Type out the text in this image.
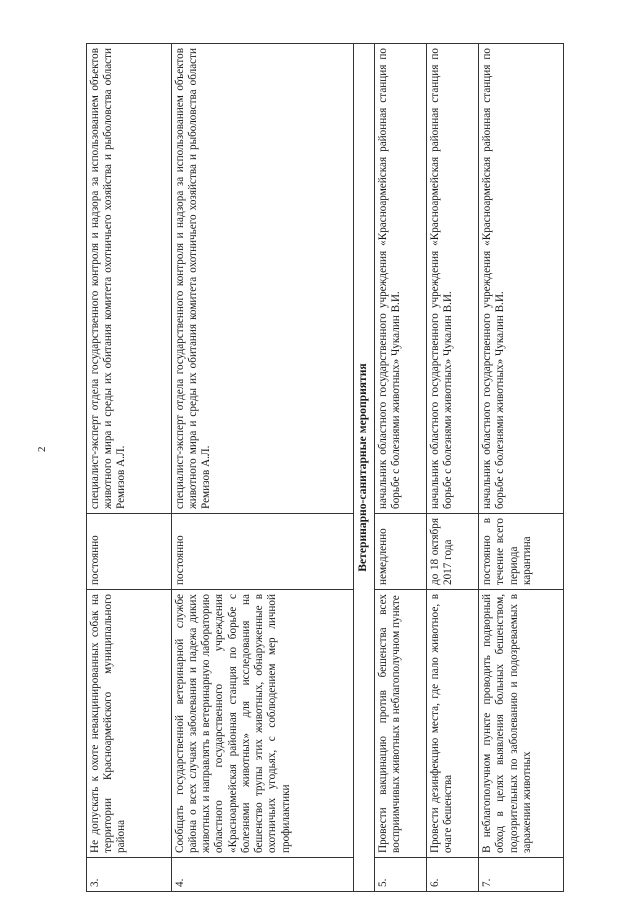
2
3.	Не допускать к охоте невакцинированных собак на территории Красноармейского муниципального района	постоянно	специалист-эксперт отдела государственного контроля и надзора за использованием объектов животного мира и среды их обитания комитета охотничьего хозяйства и рыболовства области Ремизов А.Л.
4.	Сообщать государственной ветеринарной службе района о всех случаях заболевания и падежа диких животных и направлять в ветеринарную лабораторию областного государственного учреждения «Красноармейская районная станция по борьбе с болезнями животных» для исследования на бешенство трупы этих животных, обнаруженные в охотничьих угодьях, с соблюдением мер личной профилактики	постоянно	специалист-эксперт отдела государственного контроля и надзора за использованием объектов животного мира и среды их обитания комитета охотничьего хозяйства и рыболовства области Ремизов А.Л.
Ветеринарно-санитарные мероприятия			
5.	Провести вакцинацию против бешенства всех восприимчивых животных в неблагополучном пункте	немедленно	начальник областного государственного учреждения «Красноармейская районная станция по борьбе с болезнями животных» Чукалин В.И.
6.	Провести дезинфекцию места, где пало животное, в очаге бешенства	до 18 октября 2017 года	начальник областного государственного учреждения «Красноармейская районная станция по борьбе с болезнями животных» Чукалин В.И.
7.	В неблагополучном пункте проводить подворный обход в целях выявления больных бешенством, подозрительных по заболеванию и подозреваемых в заражении животных	постоянно в течение всего периода карантина	начальник областного государственного учреждения «Красноармейская районная станция по борьбе с болезнями животных» Чукалин В.И.
